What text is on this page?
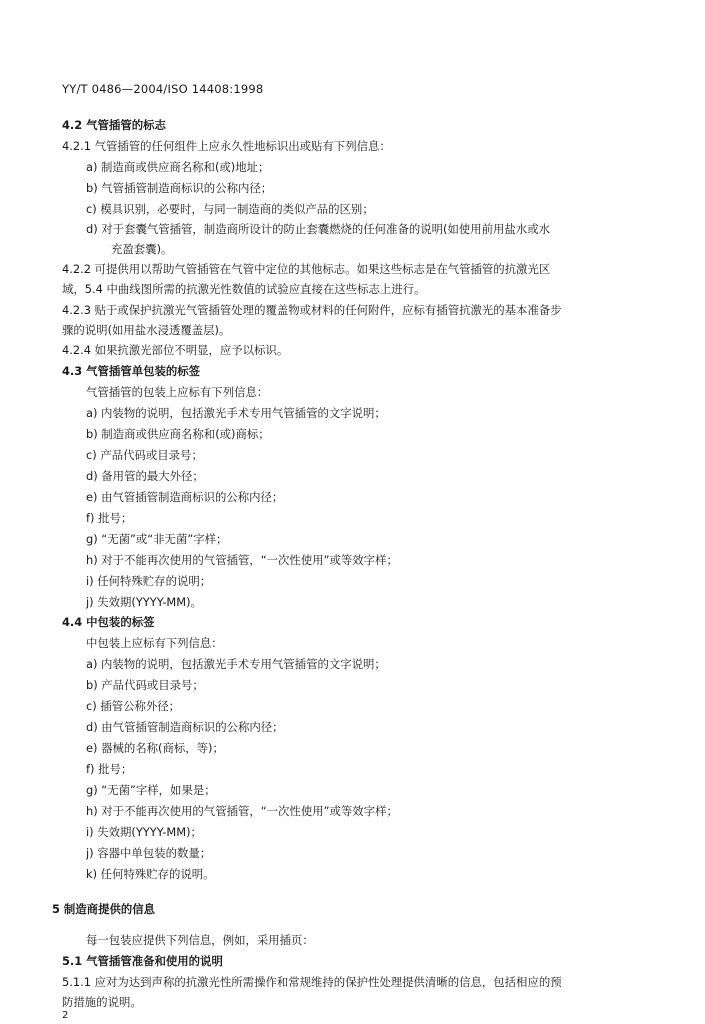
YY/T 0486—2004/ISO 14408:1998
4.2 气管插管的标志
4.2.1 气管插管的任何组件上应永久性地标识出或贴有下列信息：
a) 制造商或供应商名称和(或)地址；
b) 气管插管制造商标识的公称内径；
c) 模具识别，必要时，与同一制造商的类似产品的区别；
d) 对于套囊气管插管，制造商所设计的防止套囊燃烧的任何准备的说明(如使用前用盐水或水
充盈套囊)。
4.2.2 可提供用以帮助气管插管在气管中定位的其他标志。如果这些标志是在气管插管的抗激光区
域，5.4 中曲线图所需的抗激光性数值的试验应直接在这些标志上进行。
4.2.3 贴于或保护抗激光气管插管处理的覆盖物或材料的任何附件，应标有插管抗激光的基本准备步
骤的说明(如用盐水浸透覆盖层)。
4.2.4 如果抗激光部位不明显，应予以标识。
4.3 气管插管单包装的标签
气管插管的包装上应标有下列信息：
a) 内装物的说明，包括激光手术专用气管插管的文字说明；
b) 制造商或供应商名称和(或)商标；
c) 产品代码或目录号；
d) 备用管的最大外径；
e) 由气管插管制造商标识的公称内径；
f) 批号；
g) “无菌”或“非无菌”字样；
h) 对于不能再次使用的气管插管，“一次性使用”或等效字样；
i) 任何特殊贮存的说明；
j) 失效期(YYYY-MM)。
4.4 中包装的标签
中包装上应标有下列信息：
a) 内装物的说明，包括激光手术专用气管插管的文字说明；
b) 产品代码或目录号；
c) 插管公称外径；
d) 由气管插管制造商标识的公称内径；
e) 器械的名称(商标，等)；
f) 批号；
g) “无菌”字样，如果是；
h) 对于不能再次使用的气管插管，“一次性使用”或等效字样；
i) 失效期(YYYY-MM)；
j) 容器中单包装的数量；
k) 任何特殊贮存的说明。
5 制造商提供的信息
每一包装应提供下列信息，例如，采用插页：
5.1 气管插管准备和使用的说明
5.1.1 应对为达到声称的抗激光性所需操作和常规维持的保护性处理提供清晰的信息，包括相应的预
防措施的说明。
2
